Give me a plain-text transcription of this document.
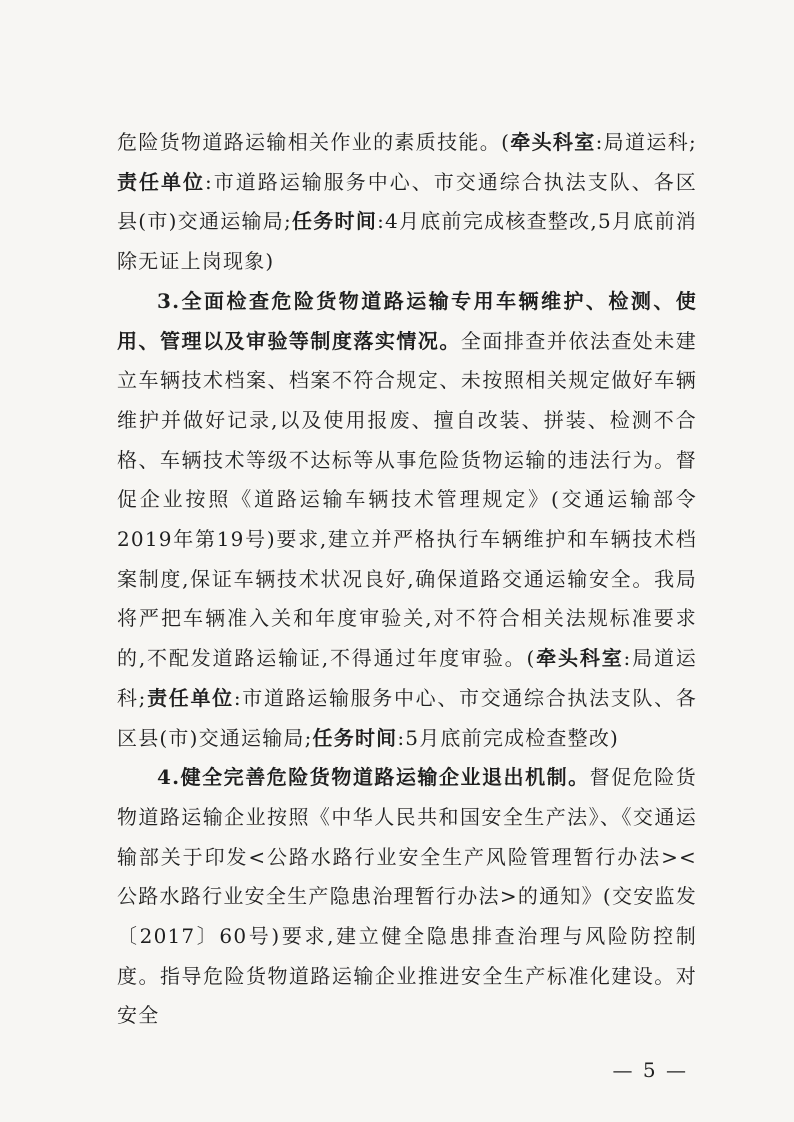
危险货物道路运输相关作业的素质技能。(牵头科室:局道运科;责任单位:市道路运输服务中心、市交通综合执法支队、各区县(市)交通运输局;任务时间:4月底前完成核查整改,5月底前消除无证上岗现象)

3.全面检查危险货物道路运输专用车辆维护、检测、使用、管理以及审验等制度落实情况。全面排查并依法查处未建立车辆技术档案、档案不符合规定、未按照相关规定做好车辆维护并做好记录,以及使用报废、擅自改装、拼装、检测不合格、车辆技术等级不达标等从事危险货物运输的违法行为。督促企业按照《道路运输车辆技术管理规定》(交通运输部令 2019年第19号)要求,建立并严格执行车辆维护和车辆技术档案制度,保证车辆技术状况良好,确保道路交通运输安全。我局将严把车辆准入关和年度审验关,对不符合相关法规标准要求的,不配发道路运输证,不得通过年度审验。(牵头科室:局道运科;责任单位:市道路运输服务中心、市交通综合执法支队、各区县(市)交通运输局;任务时间:5月底前完成检查整改)

4.健全完善危险货物道路运输企业退出机制。督促危险货物道路运输企业按照《中华人民共和国安全生产法》、《交通运输部关于印发<公路水路行业安全生产风险管理暂行办法><公路水路行业安全生产隐患治理暂行办法>的通知》(交安监发〔2017〕60号)要求,建立健全隐患排查治理与风险防控制度。指导危险货物道路运输企业推进安全生产标准化建设。对安全

— 5 —
